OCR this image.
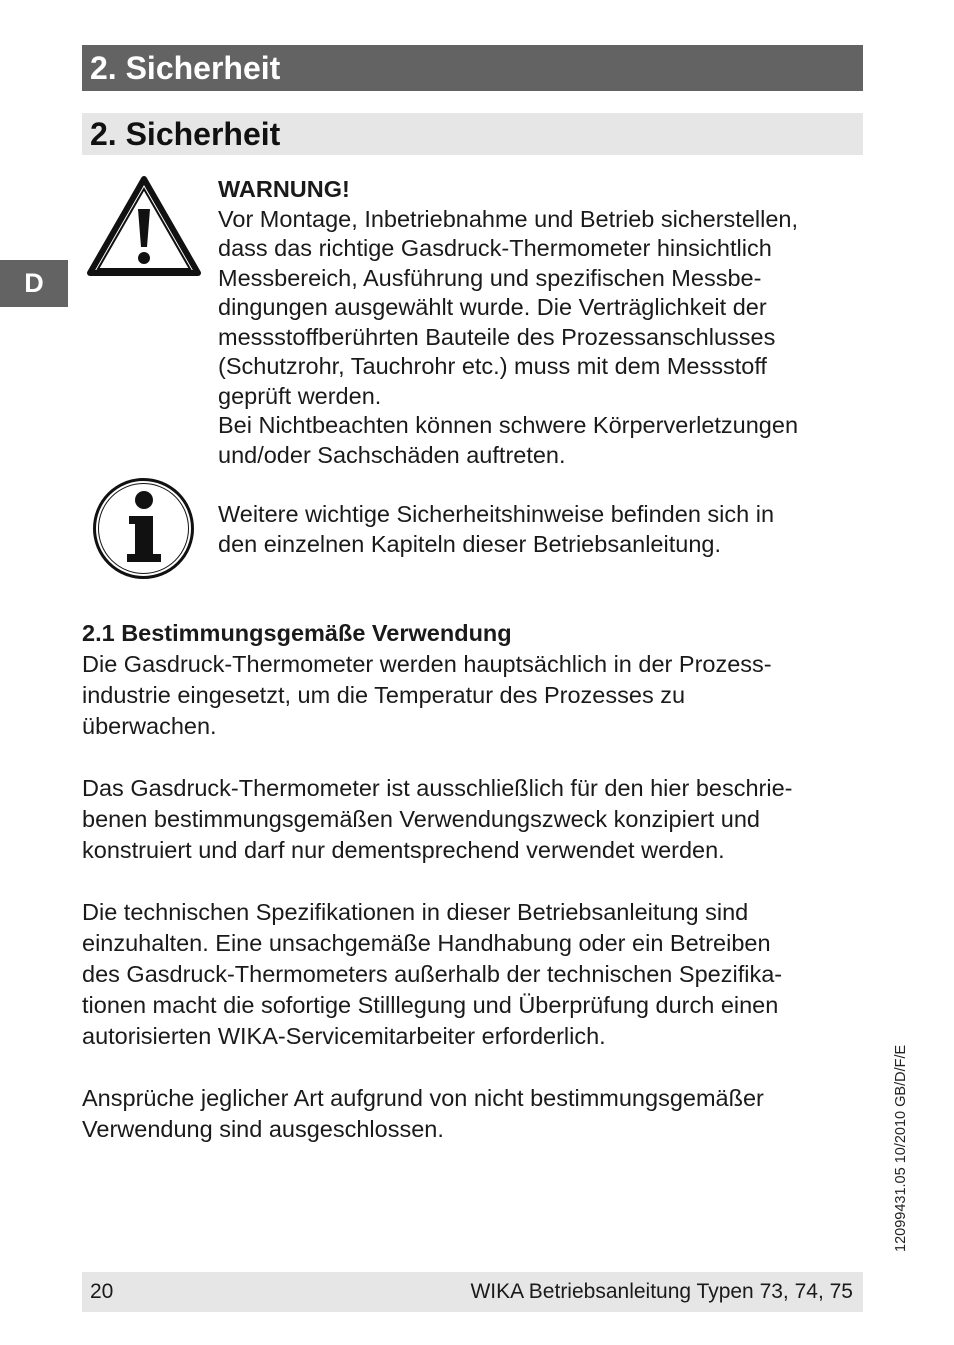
2. Sicherheit
2. Sicherheit
D
WARNUNG!
Vor Montage, Inbetriebnahme und Betrieb sicherstellen,
dass das richtige Gasdruck-Thermometer hinsichtlich
Messbereich, Ausführung und spezifischen Messbe-
dingungen ausgewählt wurde. Die Verträglichkeit der
messstoffberührten Bauteile des Prozessanschlusses
(Schutzrohr, Tauchrohr etc.) muss mit dem Messstoff
geprüft werden.
Bei Nichtbeachten können schwere Körperverletzungen
und/oder Sachschäden auftreten.
Weitere wichtige Sicherheitshinweise befinden sich in
den einzelnen Kapiteln dieser Betriebsanleitung.
2.1 Bestimmungsgemäße Verwendung
Die Gasdruck-Thermometer werden hauptsächlich in der Prozess-
industrie eingesetzt, um die Temperatur des Prozesses zu
überwachen.
Das Gasdruck-Thermometer ist ausschließlich für den hier beschrie-
benen bestimmungsgemäßen Verwendungszweck konzipiert und
konstruiert und darf nur dementsprechend verwendet werden.
Die technischen Spezifikationen in dieser Betriebsanleitung sind
einzuhalten. Eine unsachgemäße Handhabung oder ein Betreiben
des Gasdruck-Thermometers außerhalb der technischen Spezifika-
tionen macht die sofortige Stilllegung und Überprüfung durch einen
autorisierten WIKA-Servicemitarbeiter erforderlich.
Ansprüche jeglicher Art aufgrund von nicht bestimmungsgemäßer
Verwendung sind ausgeschlossen.	12099431.05 10/2010 GB/D/F/E
20	WIKA Betriebsanleitung Typen 73, 74, 75
